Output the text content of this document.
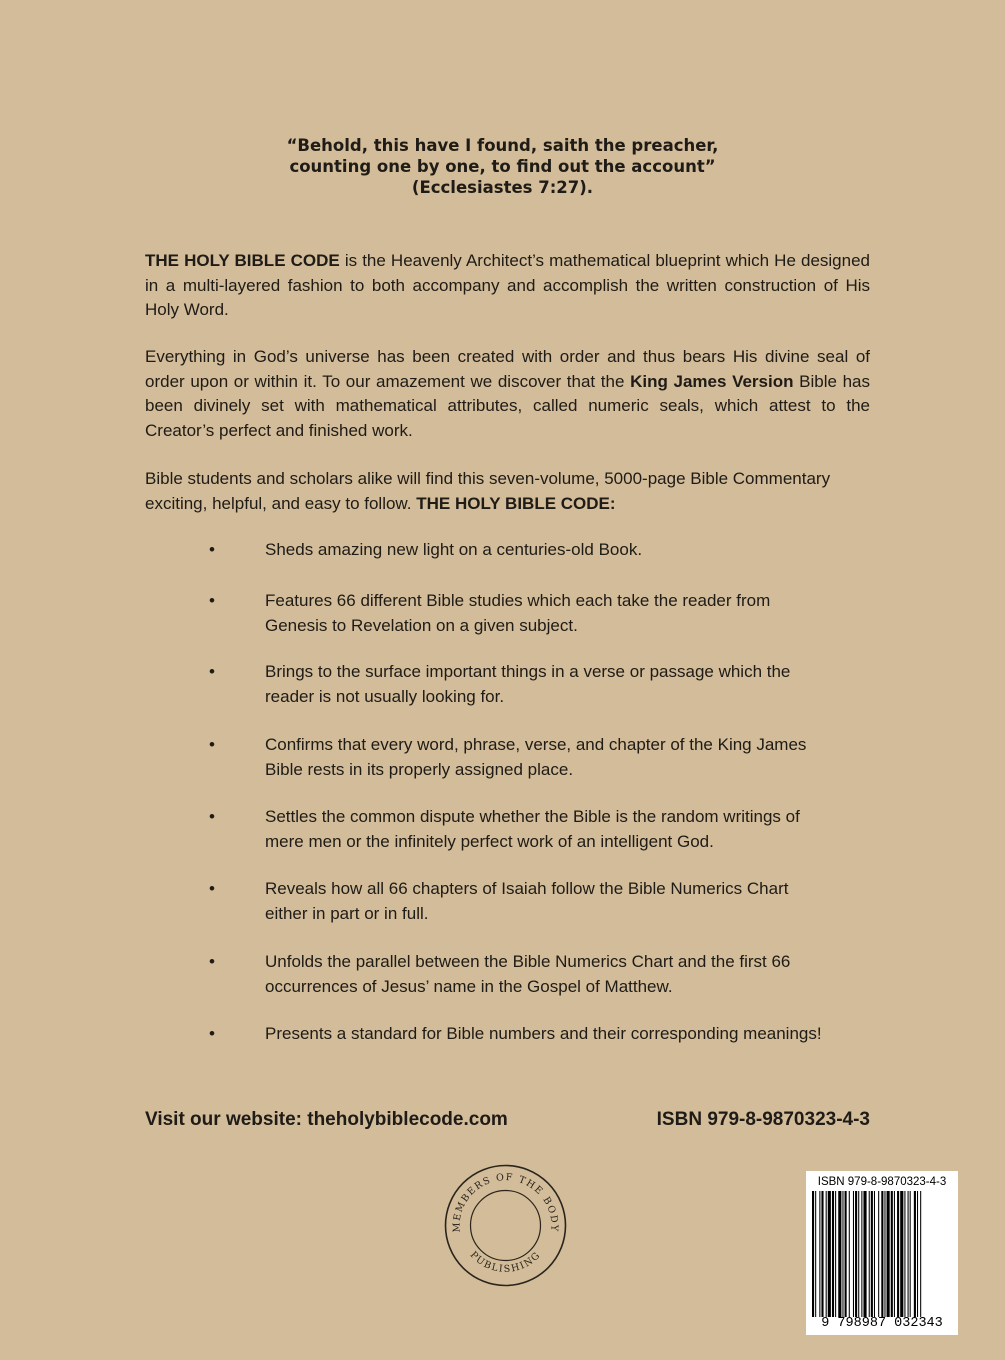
“Behold, this have I found, saith the preacher,
counting one by one, to find out the account”
(Ecclesiastes 7:27).

THE HOLY BIBLE CODE is the Heavenly Architect’s mathematical blueprint which He designed in a multi-layered fashion to both accompany and accomplish the written construction of His Holy Word.

Everything in God’s universe has been created with order and thus bears His divine seal of order upon or within it. To our amazement we discover that the King James Version Bible has been divinely set with mathematical attributes, called numeric seals, which attest to the Creator’s perfect and finished work.

Bible students and scholars alike will find this seven-volume, 5000-page Bible Commentary exciting, helpful, and easy to follow. THE HOLY BIBLE CODE:

•	Sheds amazing new light on a centuries-old Book.
•	Features 66 different Bible studies which each take the reader from
Genesis to Revelation on a given subject.
•	Brings to the surface important things in a verse or passage which the
reader is not usually looking for.
•	Confirms that every word, phrase, verse, and chapter of the King James
Bible rests in its properly assigned place.
•	Settles the common dispute whether the Bible is the random writings of
mere men or the infinitely perfect work of an intelligent God.
•	Reveals how all 66 chapters of Isaiah follow the Bible Numerics Chart
either in part or in full.
•	Unfolds the parallel between the Bible Numerics Chart and the first 66
occurrences of Jesus’ name in the Gospel of Matthew.
•	Presents a standard for Bible numbers and their corresponding meanings!
Visit our website: theholybiblecode.com	ISBN 979-8-9870323-4-3
MEMBERS OF THE BODY
PUBLISHING
ISBN 979-8-9870323-4-3
9 798987 032343
